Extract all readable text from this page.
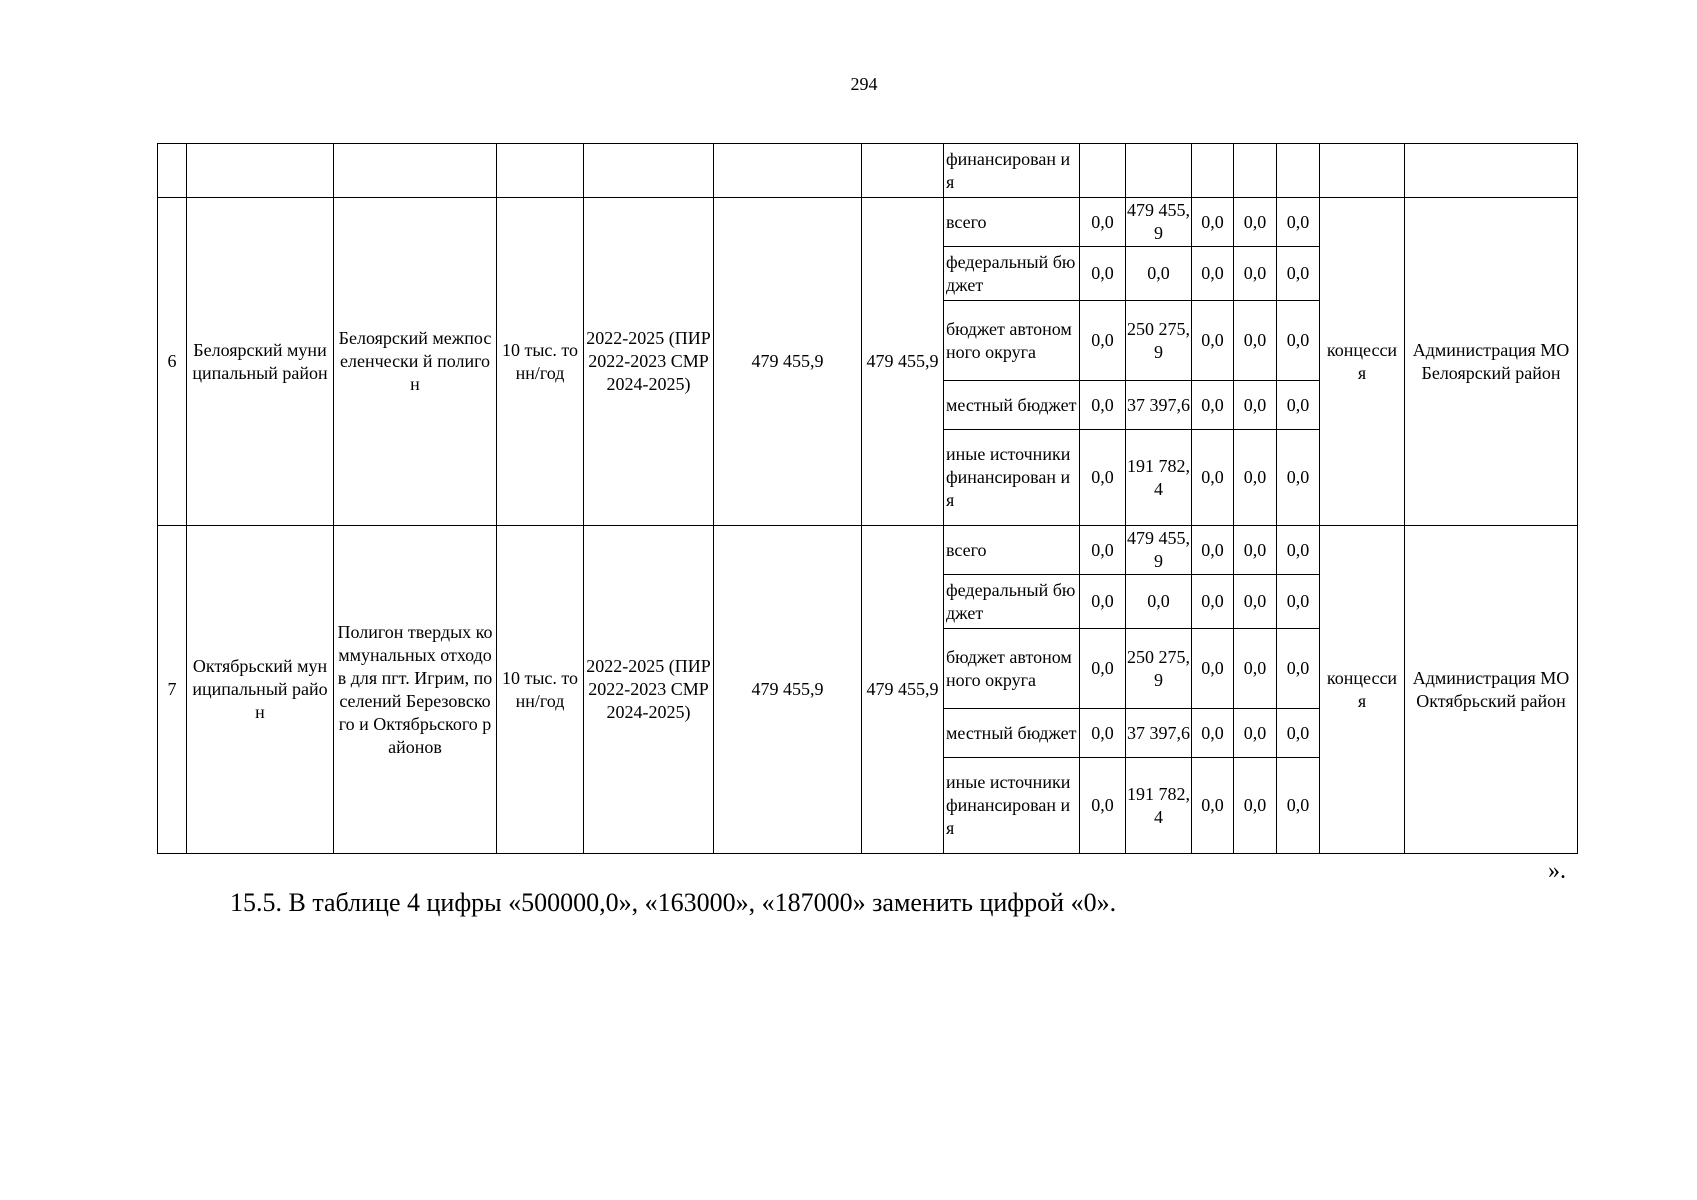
294
							финансирован ия							
6	Белоярский муниципальный район	Белоярский межпоселенчески й полигон	10 тыс. тонн/год	2022-2025 (ПИР 2022-2023 СМР 2024-2025)	479 455,9	479 455,9	всего	0,0	479 455,9	0,0	0,0	0,0	концесси я	Администрация МО Белоярский район
							федеральный бюджет	0,0	0,0	0,0	0,0	0,0		
							бюджет автономного округа	0,0	250 275,9	0,0	0,0	0,0		
							местный бюджет	0,0	37 397,6	0,0	0,0	0,0		
							иные источники финансирован ия	0,0	191 782,4	0,0	0,0	0,0		
7	Октябрьский муниципальный район	Полигон твердых коммунальных отходов для пгт. Игрим, поселений Березовского и Октябрьского районов	10 тыс. тонн/год	2022-2025 (ПИР 2022-2023 СМР 2024-2025)	479 455,9	479 455,9	всего	0,0	479 455,9	0,0	0,0	0,0	концесси я	Администрация МО Октябрьский район
							федеральный бюджет	0,0	0,0	0,0	0,0	0,0		
							бюджет автономного округа	0,0	250 275,9	0,0	0,0	0,0		
							местный бюджет	0,0	37 397,6	0,0	0,0	0,0		
							иные источники финансирован ия	0,0	191 782,4	0,0	0,0	0,0		
».
15.5. В таблице 4 цифры «500000,0», «163000», «187000» заменить цифрой «0».
